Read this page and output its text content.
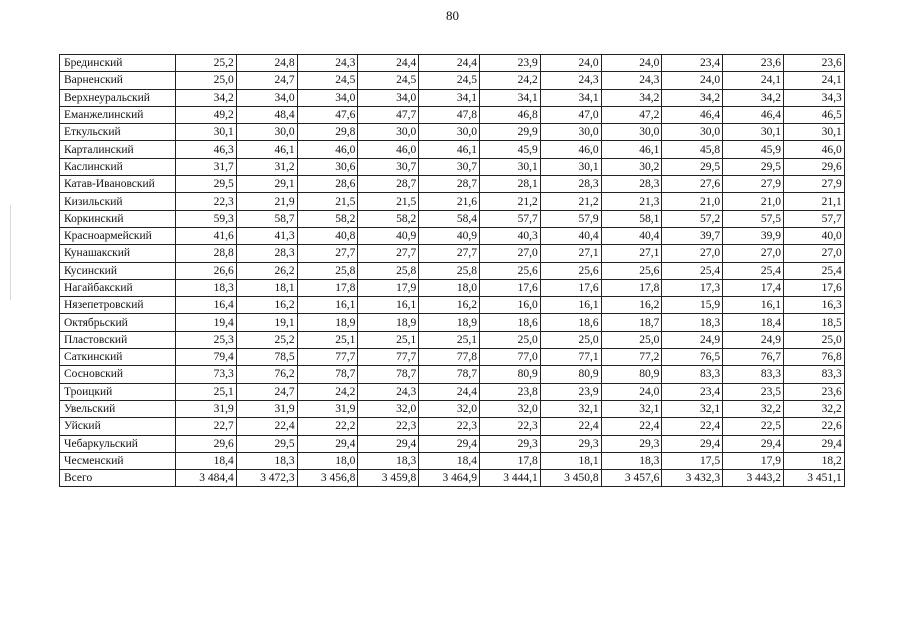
80
Брединский	25,2	24,8	24,3	24,4	24,4	23,9	24,0	24,0	23,4	23,6	23,6
Варненский	25,0	24,7	24,5	24,5	24,5	24,2	24,3	24,3	24,0	24,1	24,1
Верхнеуральский	34,2	34,0	34,0	34,0	34,1	34,1	34,1	34,2	34,2	34,2	34,3
Еманжелинский	49,2	48,4	47,6	47,7	47,8	46,8	47,0	47,2	46,4	46,4	46,5
Еткульский	30,1	30,0	29,8	30,0	30,0	29,9	30,0	30,0	30,0	30,1	30,1
Карталинский	46,3	46,1	46,0	46,0	46,1	45,9	46,0	46,1	45,8	45,9	46,0
Каслинский	31,7	31,2	30,6	30,7	30,7	30,1	30,1	30,2	29,5	29,5	29,6
Катав-Ивановский	29,5	29,1	28,6	28,7	28,7	28,1	28,3	28,3	27,6	27,9	27,9
Кизильский	22,3	21,9	21,5	21,5	21,6	21,2	21,2	21,3	21,0	21,0	21,1
Коркинский	59,3	58,7	58,2	58,2	58,4	57,7	57,9	58,1	57,2	57,5	57,7
Красноармейский	41,6	41,3	40,8	40,9	40,9	40,3	40,4	40,4	39,7	39,9	40,0
Кунашакский	28,8	28,3	27,7	27,7	27,7	27,0	27,1	27,1	27,0	27,0	27,0
Кусинский	26,6	26,2	25,8	25,8	25,8	25,6	25,6	25,6	25,4	25,4	25,4
Нагайбакский	18,3	18,1	17,8	17,9	18,0	17,6	17,6	17,8	17,3	17,4	17,6
Нязепетровский	16,4	16,2	16,1	16,1	16,2	16,0	16,1	16,2	15,9	16,1	16,3
Октябрьский	19,4	19,1	18,9	18,9	18,9	18,6	18,6	18,7	18,3	18,4	18,5
Пластовский	25,3	25,2	25,1	25,1	25,1	25,0	25,0	25,0	24,9	24,9	25,0
Саткинский	79,4	78,5	77,7	77,7	77,8	77,0	77,1	77,2	76,5	76,7	76,8
Сосновский	73,3	76,2	78,7	78,7	78,7	80,9	80,9	80,9	83,3	83,3	83,3
Троицкий	25,1	24,7	24,2	24,3	24,4	23,8	23,9	24,0	23,4	23,5	23,6
Увельский	31,9	31,9	31,9	32,0	32,0	32,0	32,1	32,1	32,1	32,2	32,2
Уйский	22,7	22,4	22,2	22,3	22,3	22,3	22,4	22,4	22,4	22,5	22,6
Чебаркульский	29,6	29,5	29,4	29,4	29,4	29,3	29,3	29,3	29,4	29,4	29,4
Чесменский	18,4	18,3	18,0	18,3	18,4	17,8	18,1	18,3	17,5	17,9	18,2
Всего	3 484,4	3 472,3	3 456,8	3 459,8	3 464,9	3 444,1	3 450,8	3 457,6	3 432,3	3 443,2	3 451,1
